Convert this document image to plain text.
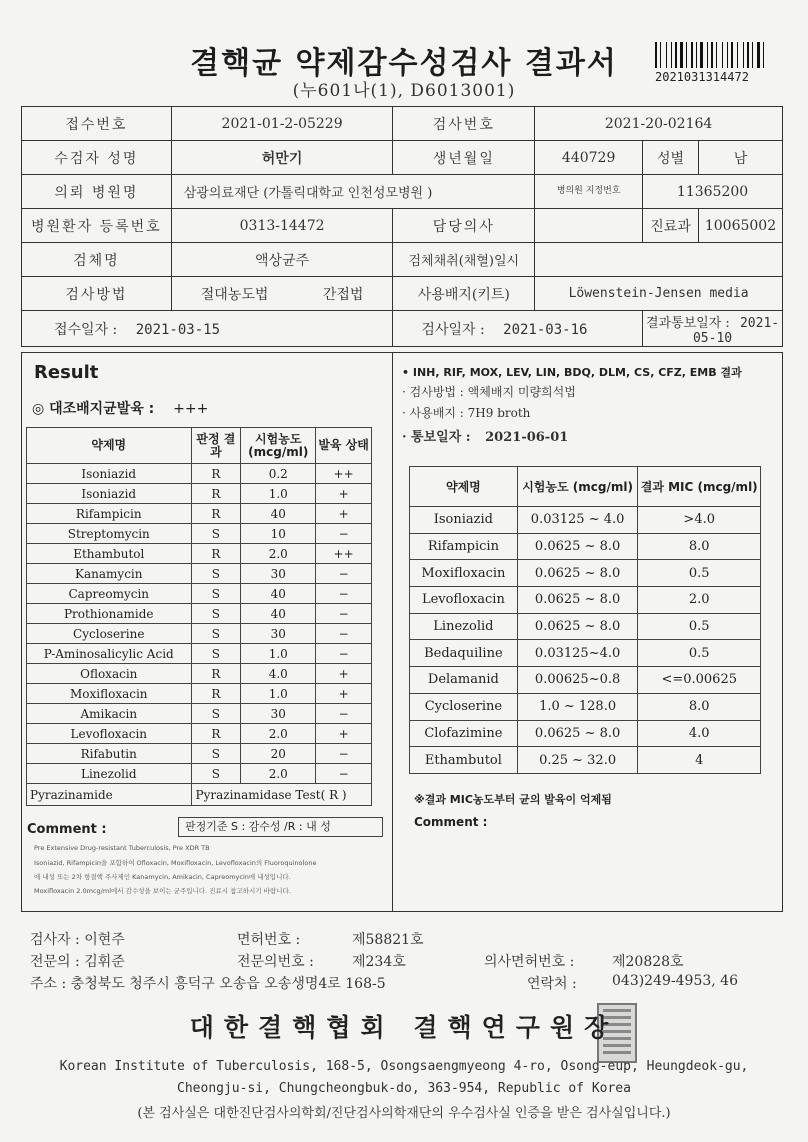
결핵균 약제감수성검사 결과서
(누601나(1), D6013001)
2021031314472
접수번호	2021-01-2-05229	검사번호	2021-20-02164		
수검자 성명	허만기	생년월일	440729	성별	남
의뢰 병원명	삼광의료재단 (가톨릭대학교 인천성모병원 )		병의원 지정번호	11365200	
병원환자 등록번호	0313-14472	담당의사		진료과	10065002
검체명	액상균주	검체채취(채혈)일시			
검사방법	절대농도법 간접법	사용배지(키트)	Löwenstein-Jensen media		
접수일자 : 2021-03-15		검사일자 : 2021-03-16		결과통보일자 : 2021-05-10	
Result
◎ 대조배지균발육 : +++
약제명	판정 결과	시험농도 (mcg/ml)	발육 상태
Isoniazid	R	0.2	++
Isoniazid	R	1.0	+
Rifampicin	R	40	+
Streptomycin	S	10	−
Ethambutol	R	2.0	++
Kanamycin	S	30	−
Capreomycin	S	40	−
Prothionamide	S	40	−
Cycloserine	S	30	−
P-Aminosalicylic Acid	S	1.0	−
Ofloxacin	R	4.0	+
Moxifloxacin	R	1.0	+
Amikacin	S	30	−
Levofloxacin	R	2.0	+
Rifabutin	S	20	−
Linezolid	S	2.0	−
Pyrazinamide	Pyrazinamidase Test( R )		
판정기준 S : 감수성 /R : 내 성
Comment :
Pre Extensive Drug-resistant Tuberculosis, Pre XDR TB
Isoniazid, Rifampicin을 포함하여 Ofloxacin, Moxifloxacin, Levofloxacin의 Fluoroquinolone
에 내성 또는 2차 항결핵 주사제인 Kanamycin, Amikacin, Capreomycin에 내성입니다.
Moxifloxacin 2.0mcg/ml에서 감수성을 보이는 균주입니다. 진료시 참고하시기 바랍니다.
• INH, RIF, MOX, LEV, LIN, BDQ, DLM, CS, CFZ, EMB 결과
· 검사방법 : 액체배지 미량희석법
· 사용배지 : 7H9 broth
· 통보일자 : 2021-06-01
약제명	시험농도 (mcg/ml)	결과 MIC (mcg/ml)
Isoniazid	0.03125 ~ 4.0	>4.0
Rifampicin	0.0625 ~ 8.0	8.0
Moxifloxacin	0.0625 ~ 8.0	0.5
Levofloxacin	0.0625 ~ 8.0	2.0
Linezolid	0.0625 ~ 8.0	0.5
Bedaquiline	0.03125~4.0	0.5
Delamanid	0.00625~0.8	<=0.00625
Cycloserine	1.0 ~ 128.0	8.0
Clofazimine	0.0625 ~ 8.0	4.0
Ethambutol	0.25 ~ 32.0	4
※결과 MIC농도부터 균의 발육이 억제됨
Comment :
검사자 : 이현주	면허번호 :	제58821호
전문의 : 김휘준	전문의번호 :	제234호	의사면허번호 :	제20828호
주소 : 충청북도 청주시 흥덕구 오송읍 오송생명4로 168-5	연락처 :	043)249-4953, 46
대한결핵협회 결핵연구원장
Korean Institute of Tuberculosis, 168-5, Osongsaengmyeong 4-ro, Osong-eup, Heungdeok-gu,
Cheongju-si, Chungcheongbuk-do, 363-954, Republic of Korea
(본 검사실은 대한진단검사의학회/진단검사의학재단의 우수검사실 인증을 받은 검사실입니다.)
